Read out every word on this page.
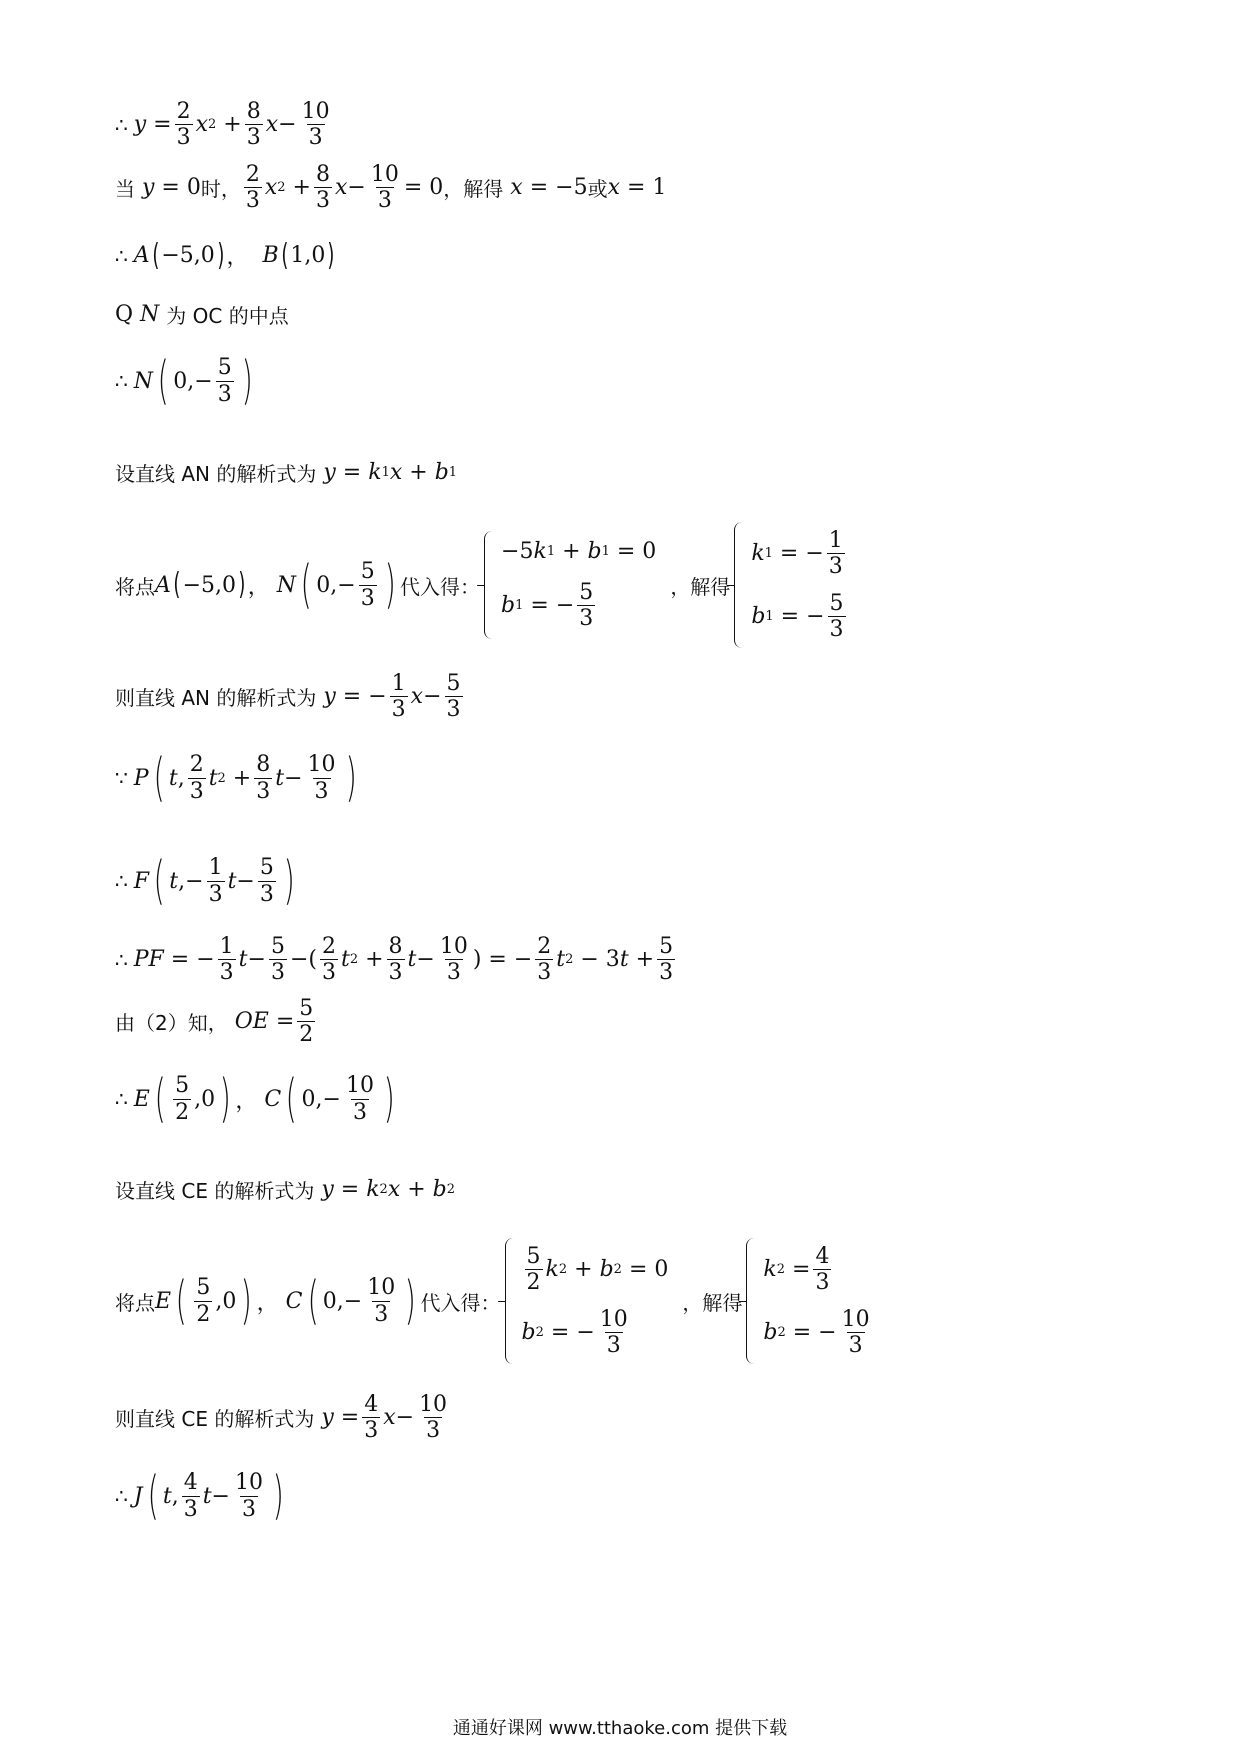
∴ $y = \frac{2}{3}$ x $2 + \frac{8}{3}$ $x - \frac{10}{3}$
当
y = 0 时， $\frac{2}{3}$ x $2 + \frac{8}{3}$ $x - \frac{10}{3} = 0$ ，解得
x = −5 或 x = 1
∴ A ( −5,0 ) ， B ( 1,0 )
Q
N
为 OC 的中点
∴ N ( $0,- \frac{5}{3}$ )
设直线 AN 的解析式为
y = k 1 x + b 1
将点 A ( −5,0 ) ， N ( $0,- \frac{5}{3}$ ) 代入得：
−5 k 1 + b 1 = 0
b 1 = − $\frac{5}{3}$
	，解得
k 1 = − $\frac{1}{3}$
b 1 = − $\frac{5}{3}$
则直线 AN 的解析式为
y = − $\frac{1}{3}$ $x - \frac{5}{3}$
∵ P ( t , $\frac{2}{3}$ t $2 + \frac{8}{3}$ $t - \frac{10}{3}$ )
∴ F ( t ,− $\frac{1}{3}$ $t - \frac{5}{3}$ )
∴ PF = − $\frac{1}{3}$ $t - \frac{5}{3}$ −( $\frac{2}{3}$ t $2 + \frac{8}{3}$ $t - \frac{10}{3}$ ) = − $\frac{2}{3}$ t 2 − 3 $t + \frac{5}{3}$
由（2）知，
OE = $\frac{5}{2}$
∴ E ( $\frac{5}{2} ,0$ ) ， C ( $0,- \frac{10}{3}$ )
设直线 CE 的解析式为
y = k 2 x + b 2
将点 E ( $\frac{5}{2} ,0$ ) ， C ( $0,- \frac{10}{3}$ ) 代入得：
$\frac{5}{2}$ k 2 + b 2 = 0
b 2 = − $\frac{10}{3}$

，解得
k $2 = \frac{4}{3}$
b 2 = − $\frac{10}{3}$
则直线 CE 的解析式为
$y = \frac{4}{3}$ $x - \frac{10}{3}$
∴ J ( t , $\frac{4}{3}$ $t - \frac{10}{3}$ )
通通好课网 www.tthaoke.com 提供下载
